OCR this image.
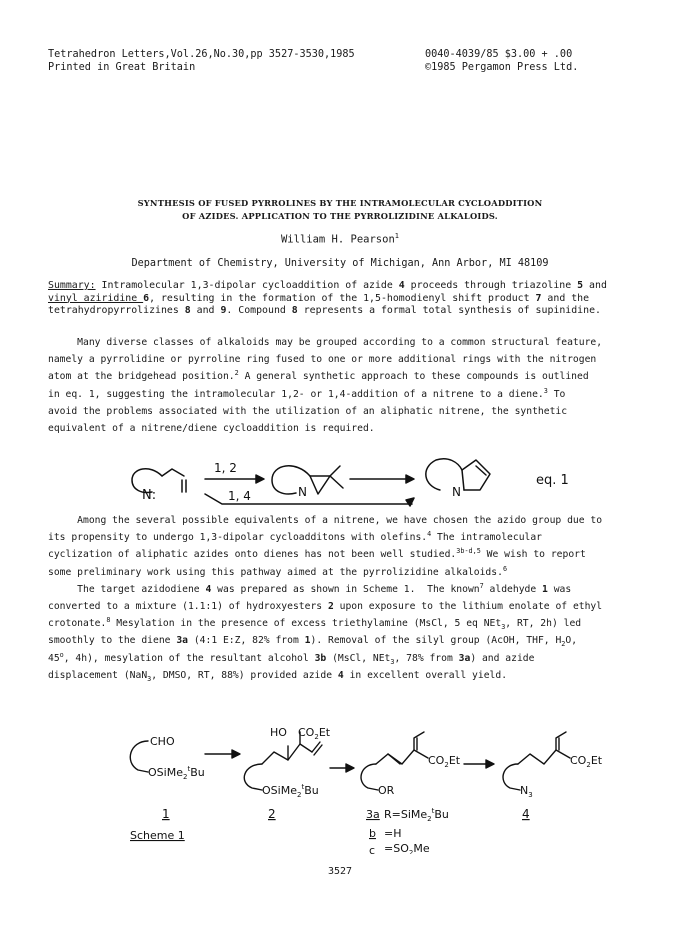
Tetrahedron Letters,Vol.26,No.30,pp 3527-3530,1985
Printed in Great Britain
0040-4039/85 $3.00 + .00
©1985 Pergamon Press Ltd.
SYNTHESIS OF FUSED PYRROLINES BY THE INTRAMOLECULAR CYCLOADDITION
OF AZIDES. APPLICATION TO THE PYRROLIZIDINE ALKALOIDS.
William H. Pearson$^1$
Department of Chemistry, University of Michigan, Ann Arbor, MI 48109

Summary: Intramolecular 1,3-dipolar cycloaddition of azide 4 proceeds through triazoline 5 and

vinyl aziridine 6, resulting in the formation of the 1,5-homodienyl shift product 7 and the

tetrahydropyrrolizines 8 and 9. Compound 8 represents a formal total synthesis of supinidine.

Many diverse classes of alkaloids may be grouped according to a common structural feature,

namely a pyrrolidine or pyrroline ring fused to one or more additional rings with the nitrogen

atom at the bridgehead position.$^2$ A general synthetic approach to these compounds is outlined

in eq. 1, suggesting the intramolecular 1,2- or 1,4-addition of a nitrene to a diene.$^3$ To

avoid the problems associated with the utilization of an aliphatic nitrene, the synthetic

equivalent of a nitrene/diene cycloaddition is required.

1, 2
1, 4
N:	N	N
eq. 1

Among the several possible equivalents of a nitrene, we have chosen the azido group due to

its propensity to undergo 1,3-dipolar cycloadditons with olefins.$^4$ The intramolecular

cyclization of aliphatic azides onto dienes has not been well studied.$^{3b-d,5}$ We wish to report

some preliminary work using this pathway aimed at the pyrrolizidine alkaloids.$^6$

The target azidodiene 4 was prepared as shown in Scheme 1.  The known$^7$ aldehyde 1 was

converted to a mixture (1.1:1) of hydroxyesters 2 upon exposure to the lithium enolate of ethyl

crotonate.$^8$ Mesylation in the presence of excess triethylamine (MsCl, 5 eq NEt$_3$, RT, 2h) led

smoothly to the diene 3a (4:1 E:Z, 82% from 1). Removal of the silyl group (AcOH, THF, $H_2O$,

45$^o$, 4h), mesylation of the resultant alcohol 3b (MsCl, NEt$_3$, 78% from 3a) and azide

displacement (NaN$_3$, DMSO, RT, 88%) provided azide 4 in excellent overall yield.

CHO
OSiMe$_2^t$Bu
HO $CO_2Et$
OSiMe$_2^t$Bu
$CO_2Et$
OR
$CO_2Et$
$N_3$
1	2	3a R=SiMe$_2^t$Bu	4
b =H
$c =SO_2Me$
Scheme 1
3527
